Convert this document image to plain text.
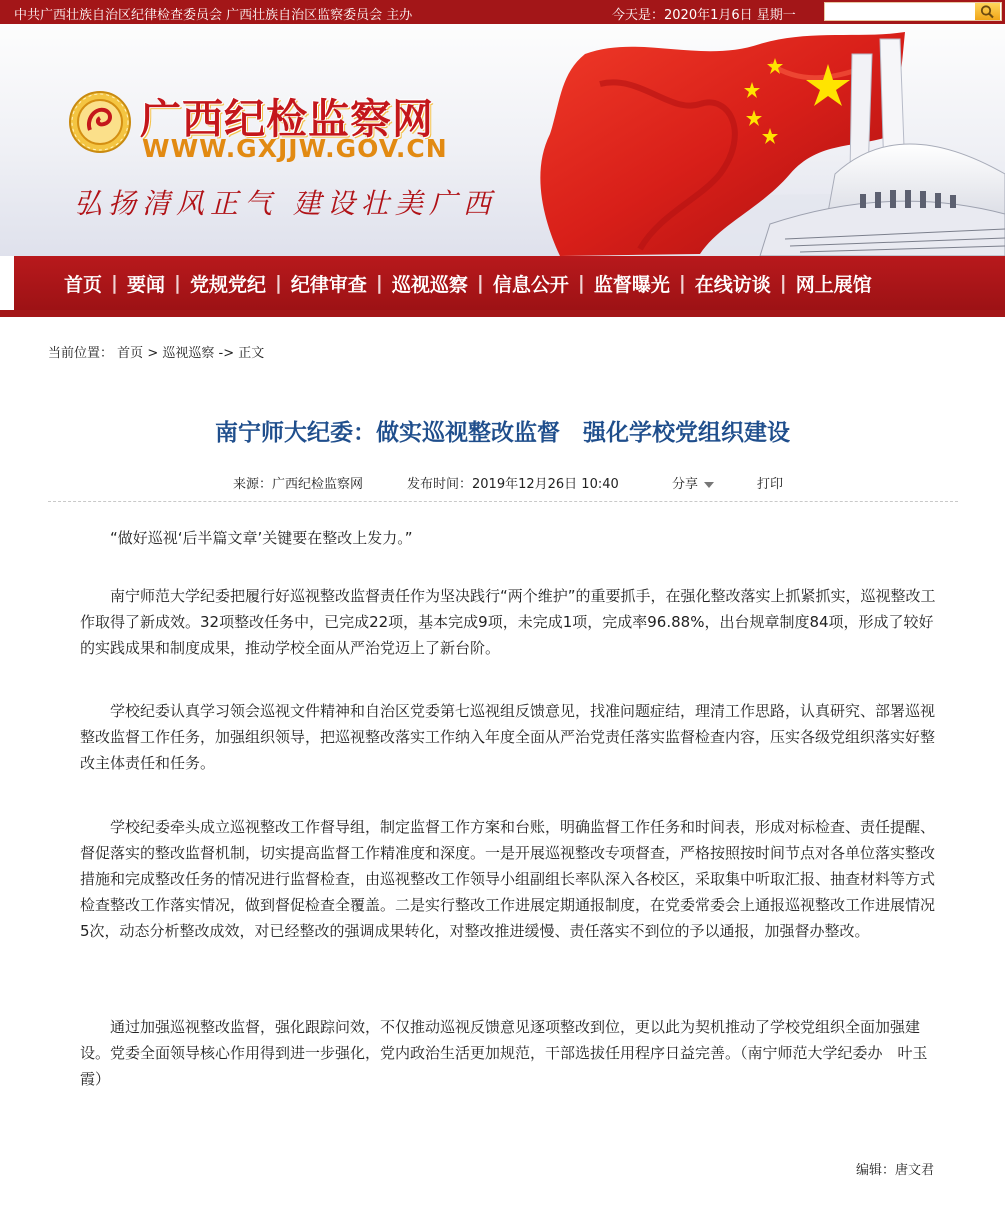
中共广西壮族自治区纪律检查委员会 广西壮族自治区监察委员会 主办	今天是：2020年1月6日 星期一
广西纪检监察网
WWW.GXJJW.GOV.CN
弘扬清风正气 建设壮美广西
首页 | 要闻 | 党规党纪 | 纪律审查 | 巡视巡察 | 信息公开 | 监督曝光 | 在线访谈 | 网上展馆
当前位置： 首页 > 巡视巡察 -> 正文
南宁师大纪委：做实巡视整改监督　强化学校党组织建设
来源：广西纪检监察网	发布时间：2019年12月26日 10:40	分享	打印

“做好巡视‘后半篇文章’关键要在整改上发力。”

南宁师范大学纪委把履行好巡视整改监督责任作为坚决践行“两个维护”的重要抓手，在强化整改落实上抓紧抓实，巡视整改工作取得了新成效。32项整改任务中，已完成22项，基本完成9项，未完成1项，完成率96.88%，出台规章制度84项，形成了较好的实践成果和制度成果，推动学校全面从严治党迈上了新台阶。

学校纪委认真学习领会巡视文件精神和自治区党委第七巡视组反馈意见，找准问题症结，理清工作思路，认真研究、部署巡视整改监督工作任务，加强组织领导，把巡视整改落实工作纳入年度全面从严治党责任落实监督检查内容，压实各级党组织落实好整改主体责任和任务。

学校纪委牵头成立巡视整改工作督导组，制定监督工作方案和台账，明确监督工作任务和时间表，形成对标检查、责任提醒、督促落实的整改监督机制，切实提高监督工作精准度和深度。一是开展巡视整改专项督查，严格按照按时间节点对各单位落实整改措施和完成整改任务的情况进行监督检查，由巡视整改工作领导小组副组长率队深入各校区，采取集中听取汇报、抽查材料等方式检查整改工作落实情况，做到督促检查全覆盖。二是实行整改工作进展定期通报制度，在党委常委会上通报巡视整改工作进展情况5次，动态分析整改成效，对已经整改的强调成果转化，对整改推进缓慢、责任落实不到位的予以通报，加强督办整改。

通过加强巡视整改监督，强化跟踪问效，不仅推动巡视反馈意见逐项整改到位，更以此为契机推动了学校党组织全面加强建设。党委全面领导核心作用得到进一步强化，党内政治生活更加规范，干部选拔任用程序日益完善。（南宁师范大学纪委办　叶玉霞）

编辑：唐文君
